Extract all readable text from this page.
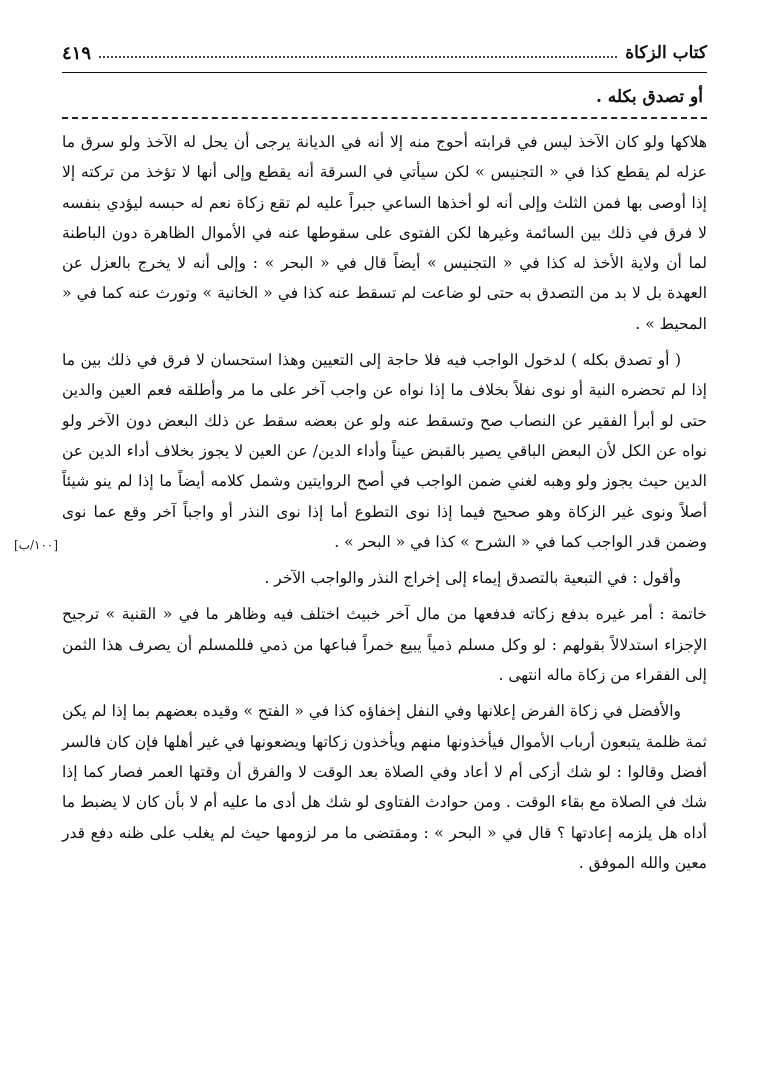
كتاب الزكاة
٤١٩
أو تصدق بكله .

هلاكها ولو كان الآخذ ليس في قرابته أحوج منه إلا أنه في الديانة يرجى أن يحل له الآخذ ولو سرق ما عزله لم يقطع كذا في « التجنيس » لكن سيأتي في السرقة أنه يقطع وإلى أنها لا تؤخذ من تركته إلا إذا أوصى بها فمن الثلث وإلى أنه لو أخذها الساعي جبراً عليه لم تقع زكاة نعم له حبسه ليؤدي بنفسه لا فرق في ذلك بين السائمة وغيرها لكن الفتوى على سقوطها عنه في الأموال الظاهرة دون الباطنة لما أن ولاية الأخذ له كذا في « التجنيس » أيضاً قال في « البحر » : وإلى أنه لا يخرج بالعزل عن العهدة بل لا بد من التصدق به حتى لو ضاعت لم تسقط عنه كذا في « الخانية » وتورث عنه كما في « المحيط » .

( أو تصدق بكله ) لدخول الواجب فيه فلا حاجة إلى التعيين وهذا استحسان لا فرق في ذلك بين ما إذا لم تحضره النية أو نوى نفلاً بخلاف ما إذا نواه عن واجب آخر على ما مر وأطلقه فعم العين والدين حتى لو أبرأ الفقير عن النصاب صح وتسقط عنه ولو عن بعضه سقط عن ذلك البعض دون الآخر ولو نواه عن الكل لأن البعض الباقي يصير بالقبض عيناً وأداء الدين/ عن العين لا يجوز بخلاف أداء الدين عن الدين حيث يجوز ولو وهبه لغني ضمن الواجب في أصح الروايتين وشمل كلامه أيضاً ما إذا لم ينو شيئاً أصلاً ونوى غير الزكاة وهو صحيح فيما إذا نوى التطوع أما إذا نوى النذر أو واجباً آخر وقع عما نوى وضمن قدر الواجب كما في « الشرح » كذا في « البحر » .

وأقول : في التبعية بالتصدق إيماء إلى إخراج النذر والواجب الآخر .

خاتمة : أمر غيره بدفع زكاته فدفعها من مال آخر خبيث اختلف فيه وظاهر ما في « القنية » ترجيح الإجزاء استدلالاً بقولهم : لو وكل مسلم ذمياً يبيع خمراً فباعها من ذمي فللمسلم أن يصرف هذا الثمن إلى الفقراء من زكاة ماله انتهى .

والأفضل في زكاة الفرض إعلانها وفي النفل إخفاؤه كذا في « الفتح » وقيده بعضهم بما إذا لم يكن ثمة ظلمة يتبعون أرباب الأموال فيأخذونها منهم ويأخذون زكاتها ويضعونها في غير أهلها فإن كان فالسر أفضل وقالوا : لو شك أزكى أم لا أعاد وفي الصلاة بعد الوقت لا والفرق أن وقتها العمر فصار كما إذا شك في الصلاة مع بقاء الوقت . ومن حوادث الفتاوى لو شك هل أدى ما عليه أم لا بأن كان لا يضبط ما أداه هل يلزمه إعادتها ؟ قال في « البحر » : ومقتضى ما مر لزومها حيث لم يغلب على ظنه دفع قدر معين والله الموفق .

[١٠٠/ب]
